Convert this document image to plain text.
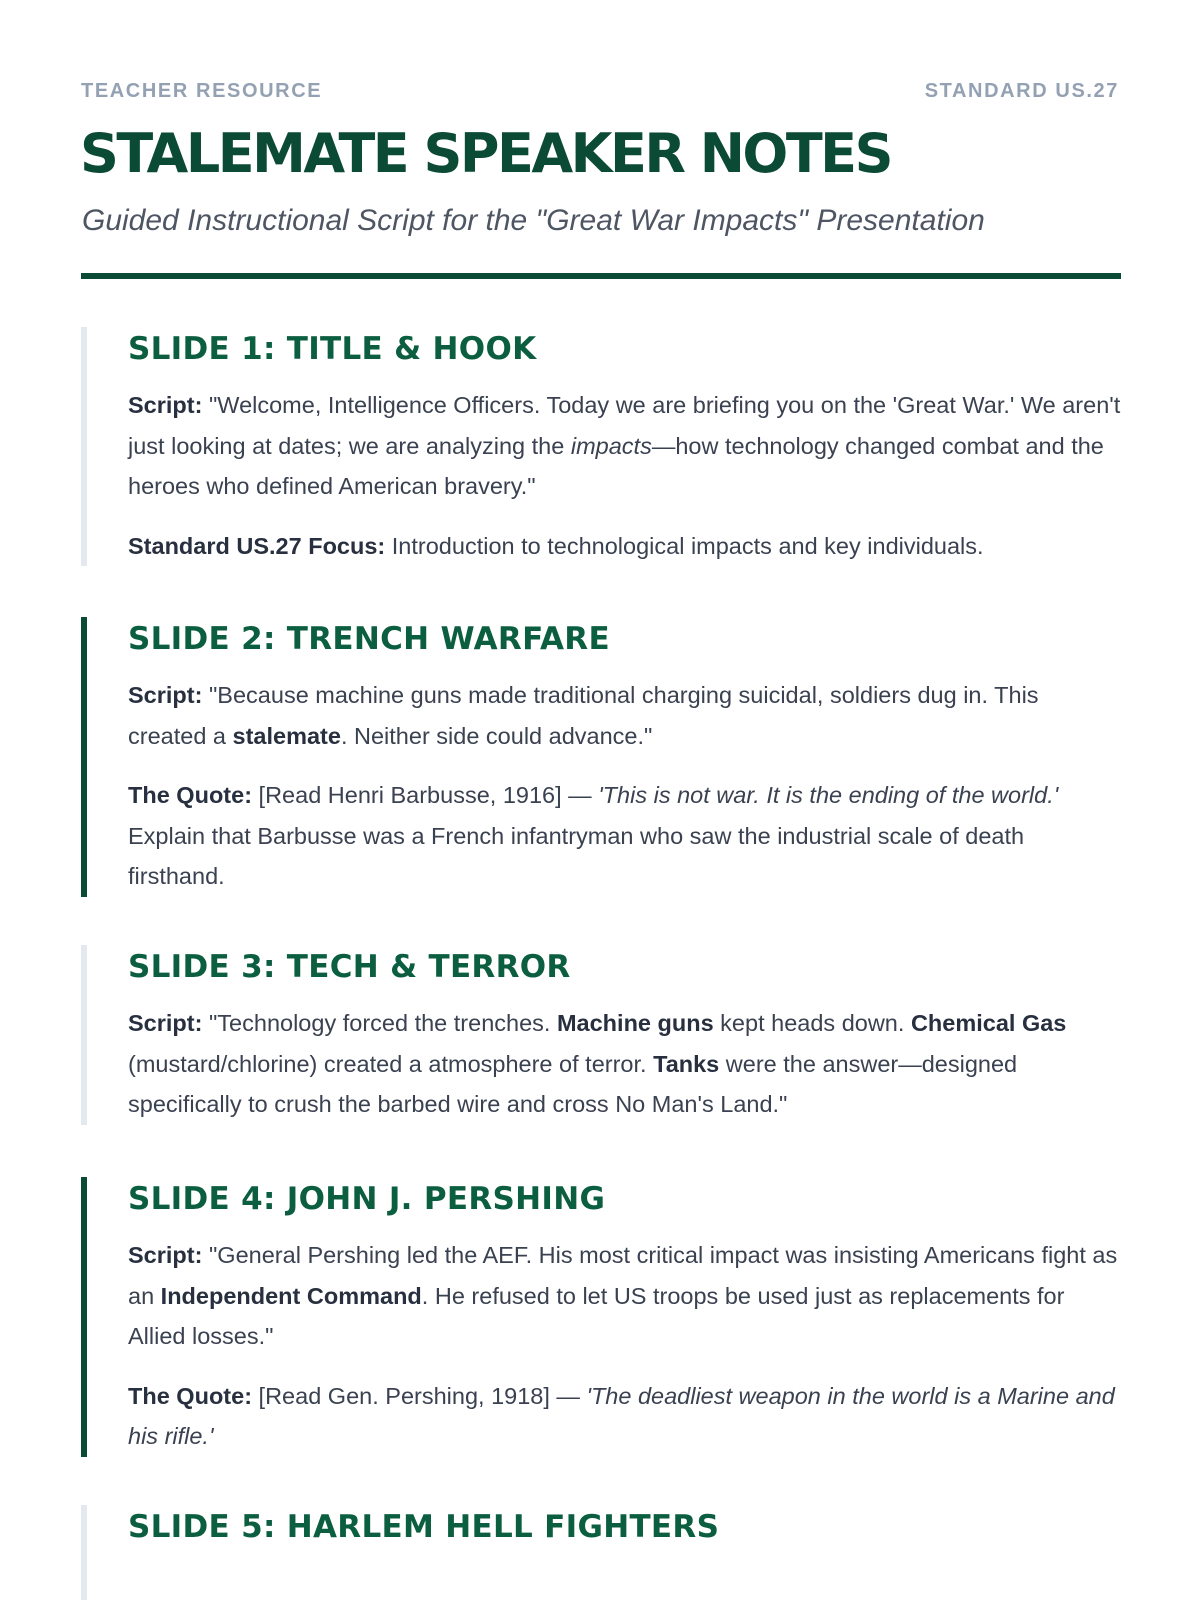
TEACHER RESOURCE	STANDARD US.27
STALEMATE SPEAKER NOTES
Guided Instructional Script for the "Great War Impacts" Presentation
SLIDE 1: TITLE & HOOK

Script: "Welcome, Intelligence Officers. Today we are briefing you on the 'Great War.' We aren't just looking at dates; we are analyzing the impacts—how technology changed combat and the heroes who defined American bravery."

Standard US.27 Focus: Introduction to technological impacts and key individuals.

SLIDE 2: TRENCH WARFARE

Script: "Because machine guns made traditional charging suicidal, soldiers dug in. This created a stalemate. Neither side could advance."

The Quote: [Read Henri Barbusse, 1916] — 'This is not war. It is the ending of the world.' Explain that Barbusse was a French infantryman who saw the industrial scale of death firsthand.

SLIDE 3: TECH & TERROR

Script: "Technology forced the trenches. Machine guns kept heads down. Chemical Gas (mustard/chlorine) created a atmosphere of terror. Tanks were the answer—designed specifically to crush the barbed wire and cross No Man's Land."

SLIDE 4: JOHN J. PERSHING

Script: "General Pershing led the AEF. His most critical impact was insisting Americans fight as an Independent Command. He refused to let US troops be used just as replacements for Allied losses."

The Quote: [Read Gen. Pershing, 1918] — 'The deadliest weapon in the world is a Marine and his rifle.'

SLIDE 5: HARLEM HELL FIGHTERS
